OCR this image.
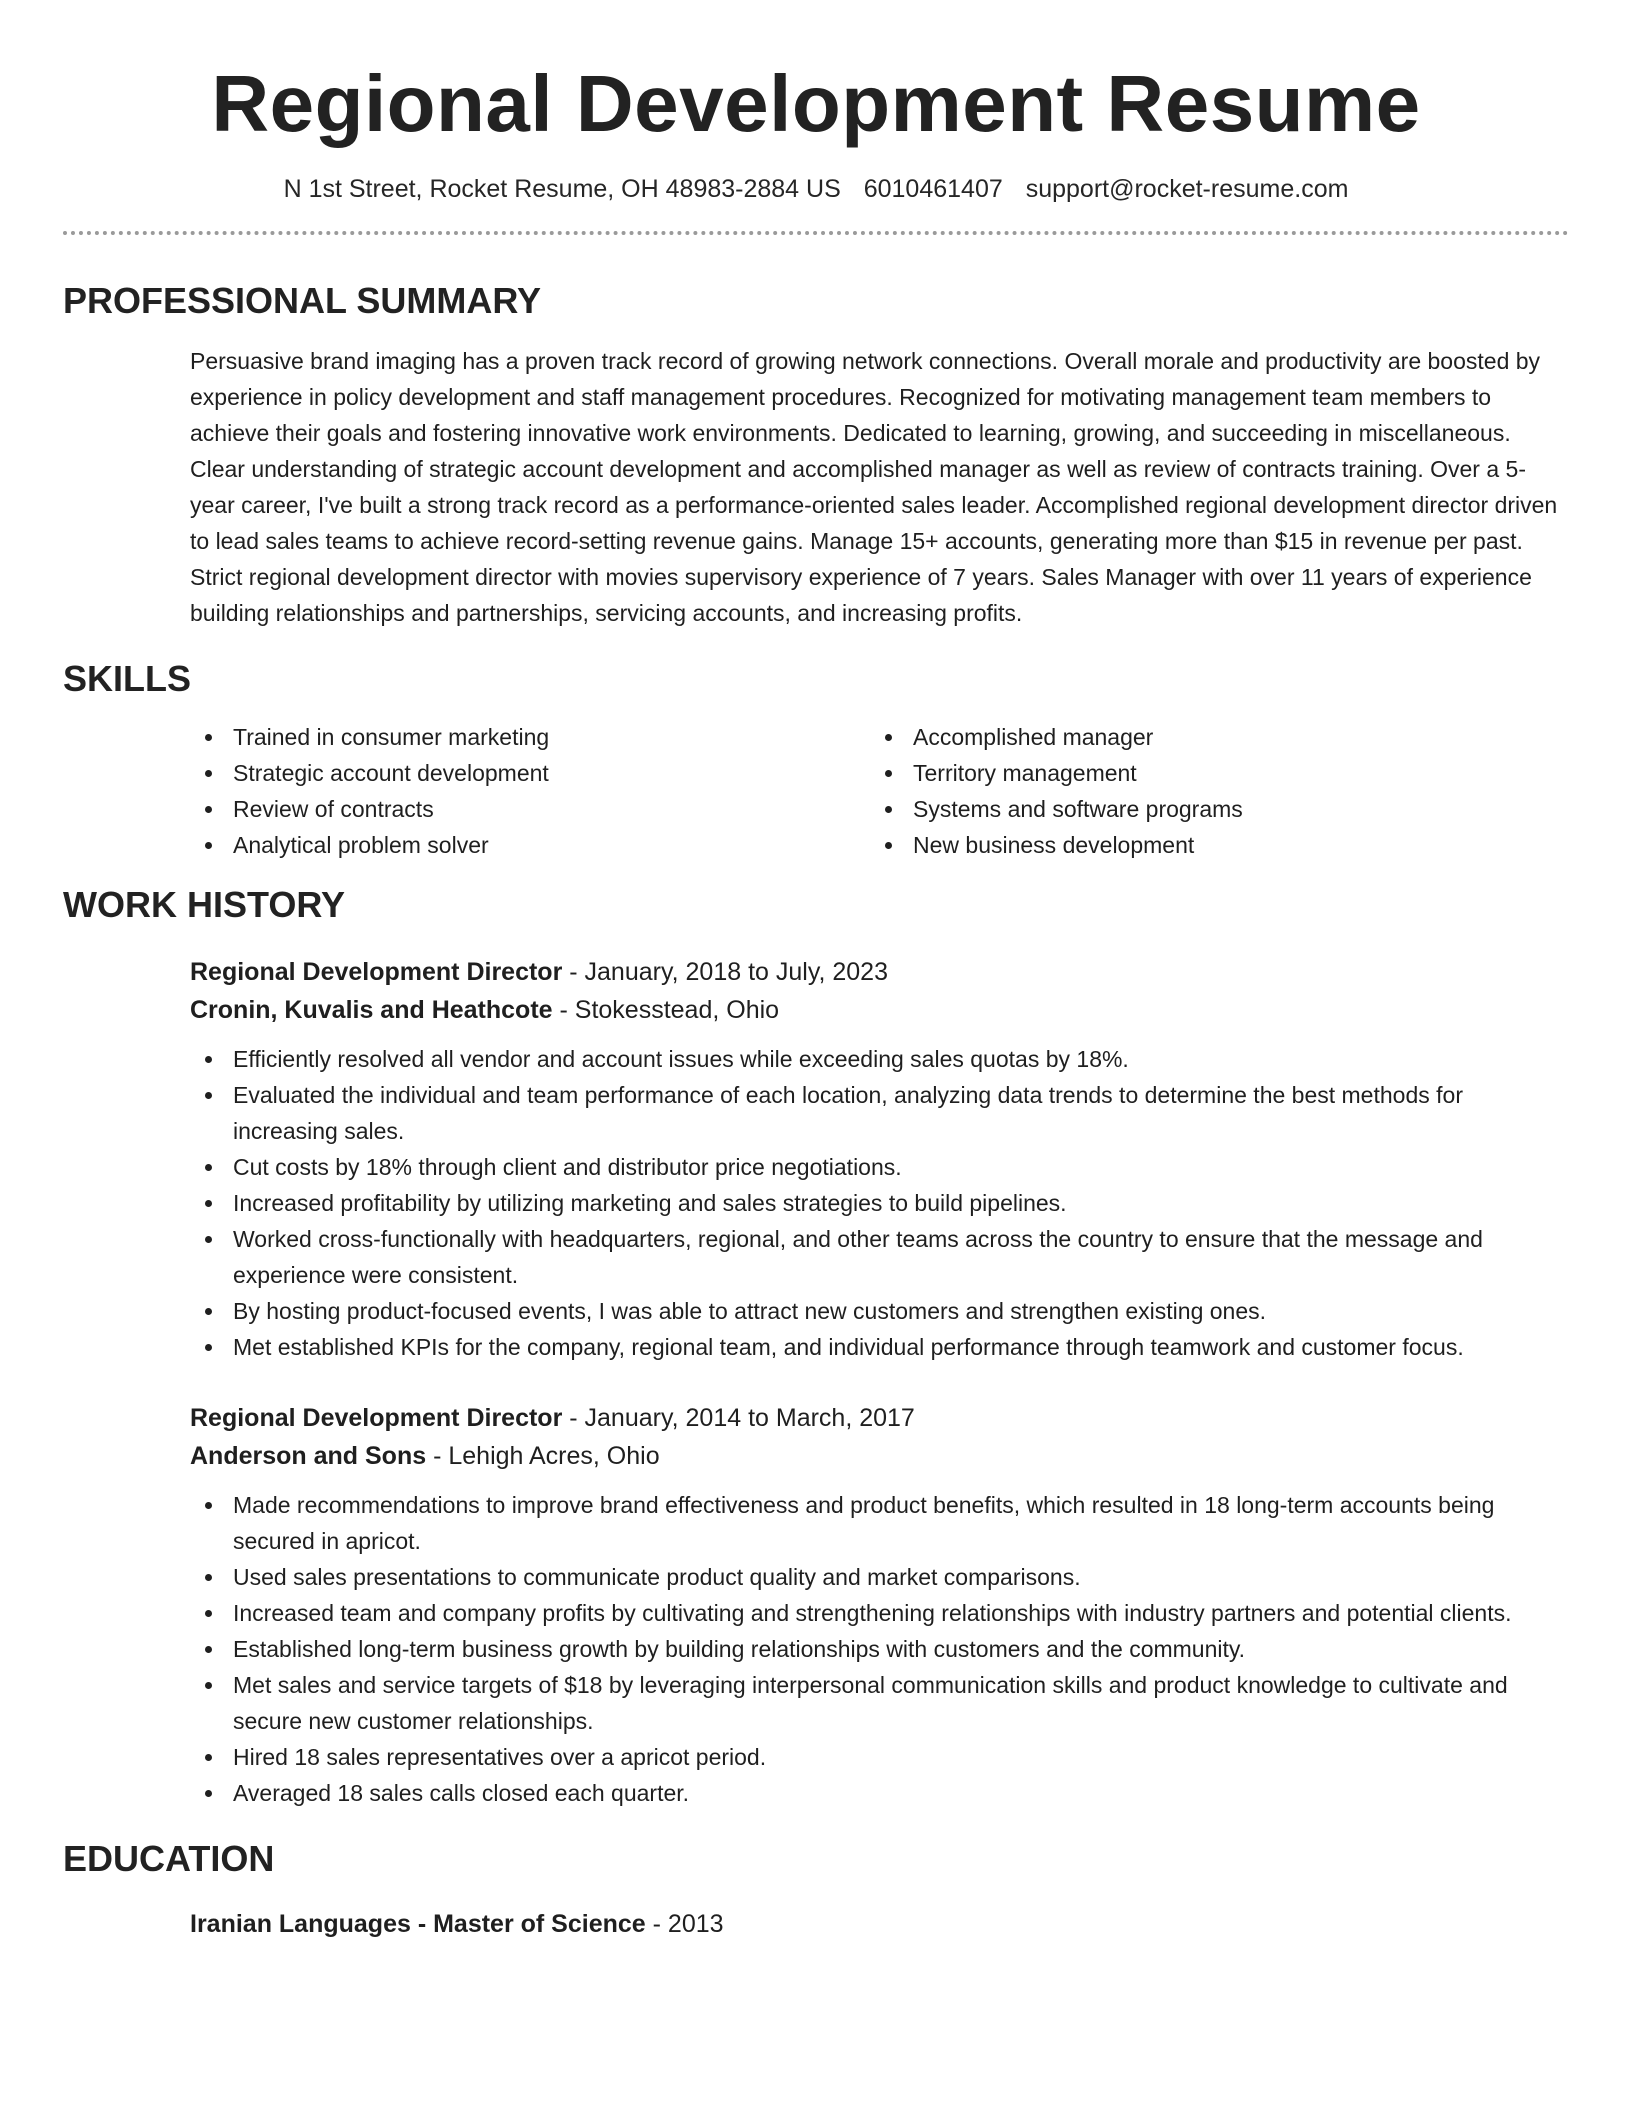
Regional Development Resume
N 1st Street, Rocket Resume, OH 48983-2884 US 6010461407 support@rocket-resume.com
PROFESSIONAL SUMMARY

Persuasive brand imaging has a proven track record of growing network connections. Overall morale and productivity are boosted by experience in policy development and staff management procedures. Recognized for motivating management team members to achieve their goals and fostering innovative work environments. Dedicated to learning, growing, and succeeding in miscellaneous. Clear understanding of strategic account development and accomplished manager as well as review of contracts training. Over a 5-year career, I've built a strong track record as a performance-oriented sales leader. Accomplished regional development director driven to lead sales teams to achieve record-setting revenue gains. Manage 15+ accounts, generating more than $15 in revenue per past. Strict regional development director with movies supervisory experience of 7 years. Sales Manager with over 11 years of experience building relationships and partnerships, servicing accounts, and increasing profits.

SKILLS
Trained in consumer marketing
Strategic account development
Review of contracts
Analytical problem solver
Accomplished manager
Territory management
Systems and software programs
New business development
WORK HISTORY
Regional Development Director - January, 2018 to July, 2023
Cronin, Kuvalis and Heathcote - Stokesstead, Ohio
Efficiently resolved all vendor and account issues while exceeding sales quotas by 18%.
Evaluated the individual and team performance of each location, analyzing data trends to determine the best methods for increasing sales.
Cut costs by 18% through client and distributor price negotiations.
Increased profitability by utilizing marketing and sales strategies to build pipelines.
Worked cross-functionally with headquarters, regional, and other teams across the country to ensure that the message and experience were consistent.
By hosting product-focused events, I was able to attract new customers and strengthen existing ones.
Met established KPIs for the company, regional team, and individual performance through teamwork and customer focus.
Regional Development Director - January, 2014 to March, 2017
Anderson and Sons - Lehigh Acres, Ohio
Made recommendations to improve brand effectiveness and product benefits, which resulted in 18 long-term accounts being secured in apricot.
Used sales presentations to communicate product quality and market comparisons.
Increased team and company profits by cultivating and strengthening relationships with industry partners and potential clients.
Established long-term business growth by building relationships with customers and the community.
Met sales and service targets of $18 by leveraging interpersonal communication skills and product knowledge to cultivate and secure new customer relationships.
Hired 18 sales representatives over a apricot period.
Averaged 18 sales calls closed each quarter.
EDUCATION
Iranian Languages - Master of Science - 2013
